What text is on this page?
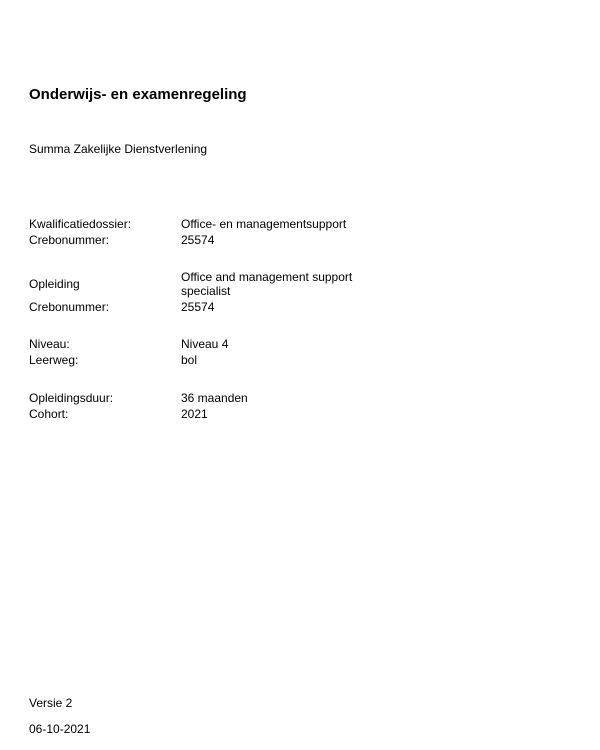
Onderwijs- en examenregeling
Summa Zakelijke Dienstverlening
Kwalificatiedossier:	Office- en managementsupport
Crebonummer:	25574
Opleiding	Office and management support specialist
Crebonummer:	25574
Niveau:	Niveau 4
Leerweg:	bol
Opleidingsduur:	36 maanden
Cohort:	2021
Versie 2
06-10-2021
